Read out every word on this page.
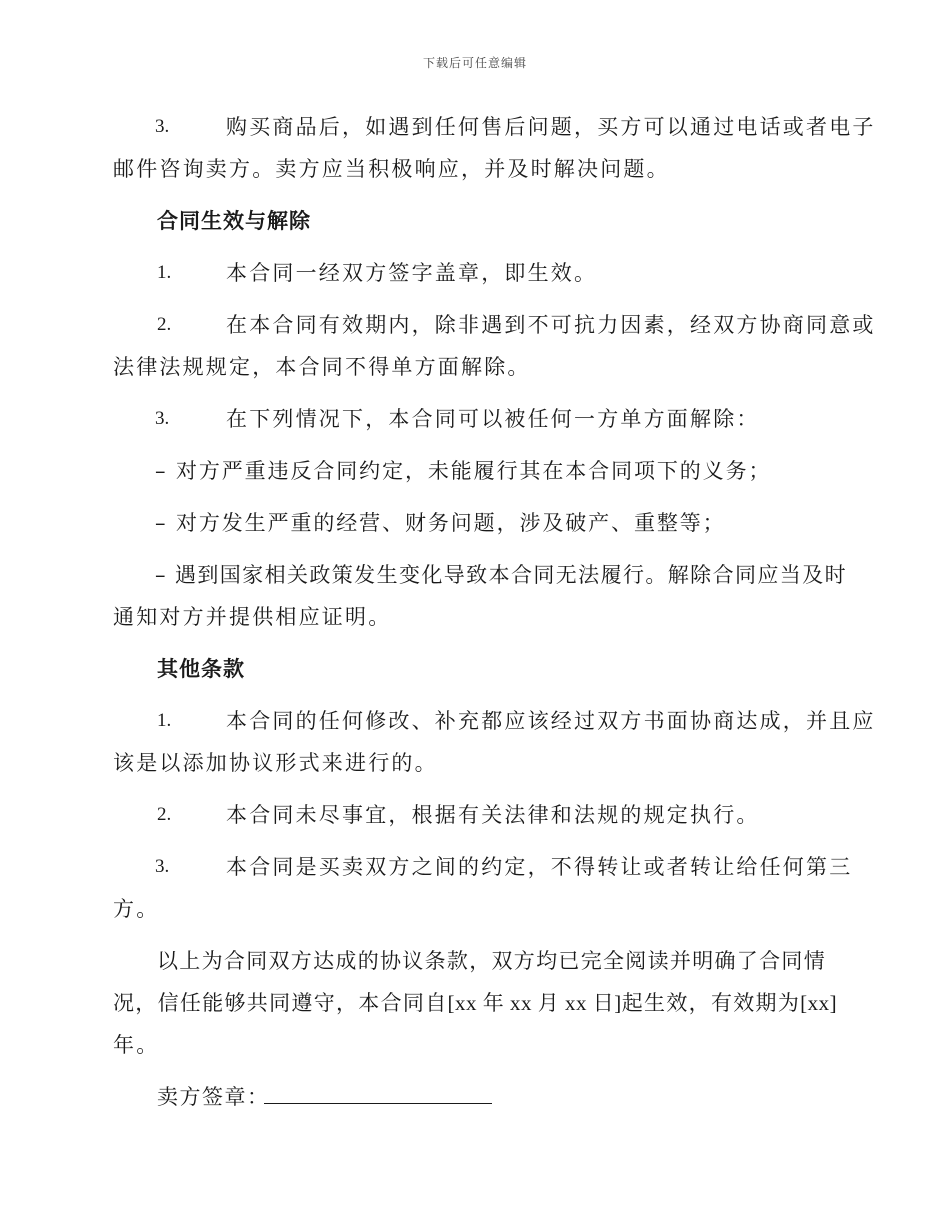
下载后可任意编辑
3.	购买商品后，如遇到任何售后问题，买方可以通过电话或者电子
邮件咨询卖方。卖方应当积极响应，并及时解决问题。
合同生效与解除
1.	本合同一经双方签字盖章，即生效。
2.	在本合同有效期内，除非遇到不可抗力因素，经双方协商同意或
法律法规规定，本合同不得单方面解除。
3.	在下列情况下，本合同可以被任何一方单方面解除：
– 对方严重违反合同约定，未能履行其在本合同项下的义务；
– 对方发生严重的经营、财务问题，涉及破产、重整等；
– 遇到国家相关政策发生变化导致本合同无法履行。解除合同应当及时
通知对方并提供相应证明。
其他条款
1.	本合同的任何修改、补充都应该经过双方书面协商达成，并且应
该是以添加协议形式来进行的。
2.	本合同未尽事宜，根据有关法律和法规的规定执行。
3.	本合同是买卖双方之间的约定，不得转让或者转让给任何第三
方。
以上为合同双方达成的协议条款，双方均已完全阅读并明确了合同情
况，信任能够共同遵守，本合同自[xx 年 xx 月 xx 日]起生效，有效期为[xx]
年。
卖方签章：
